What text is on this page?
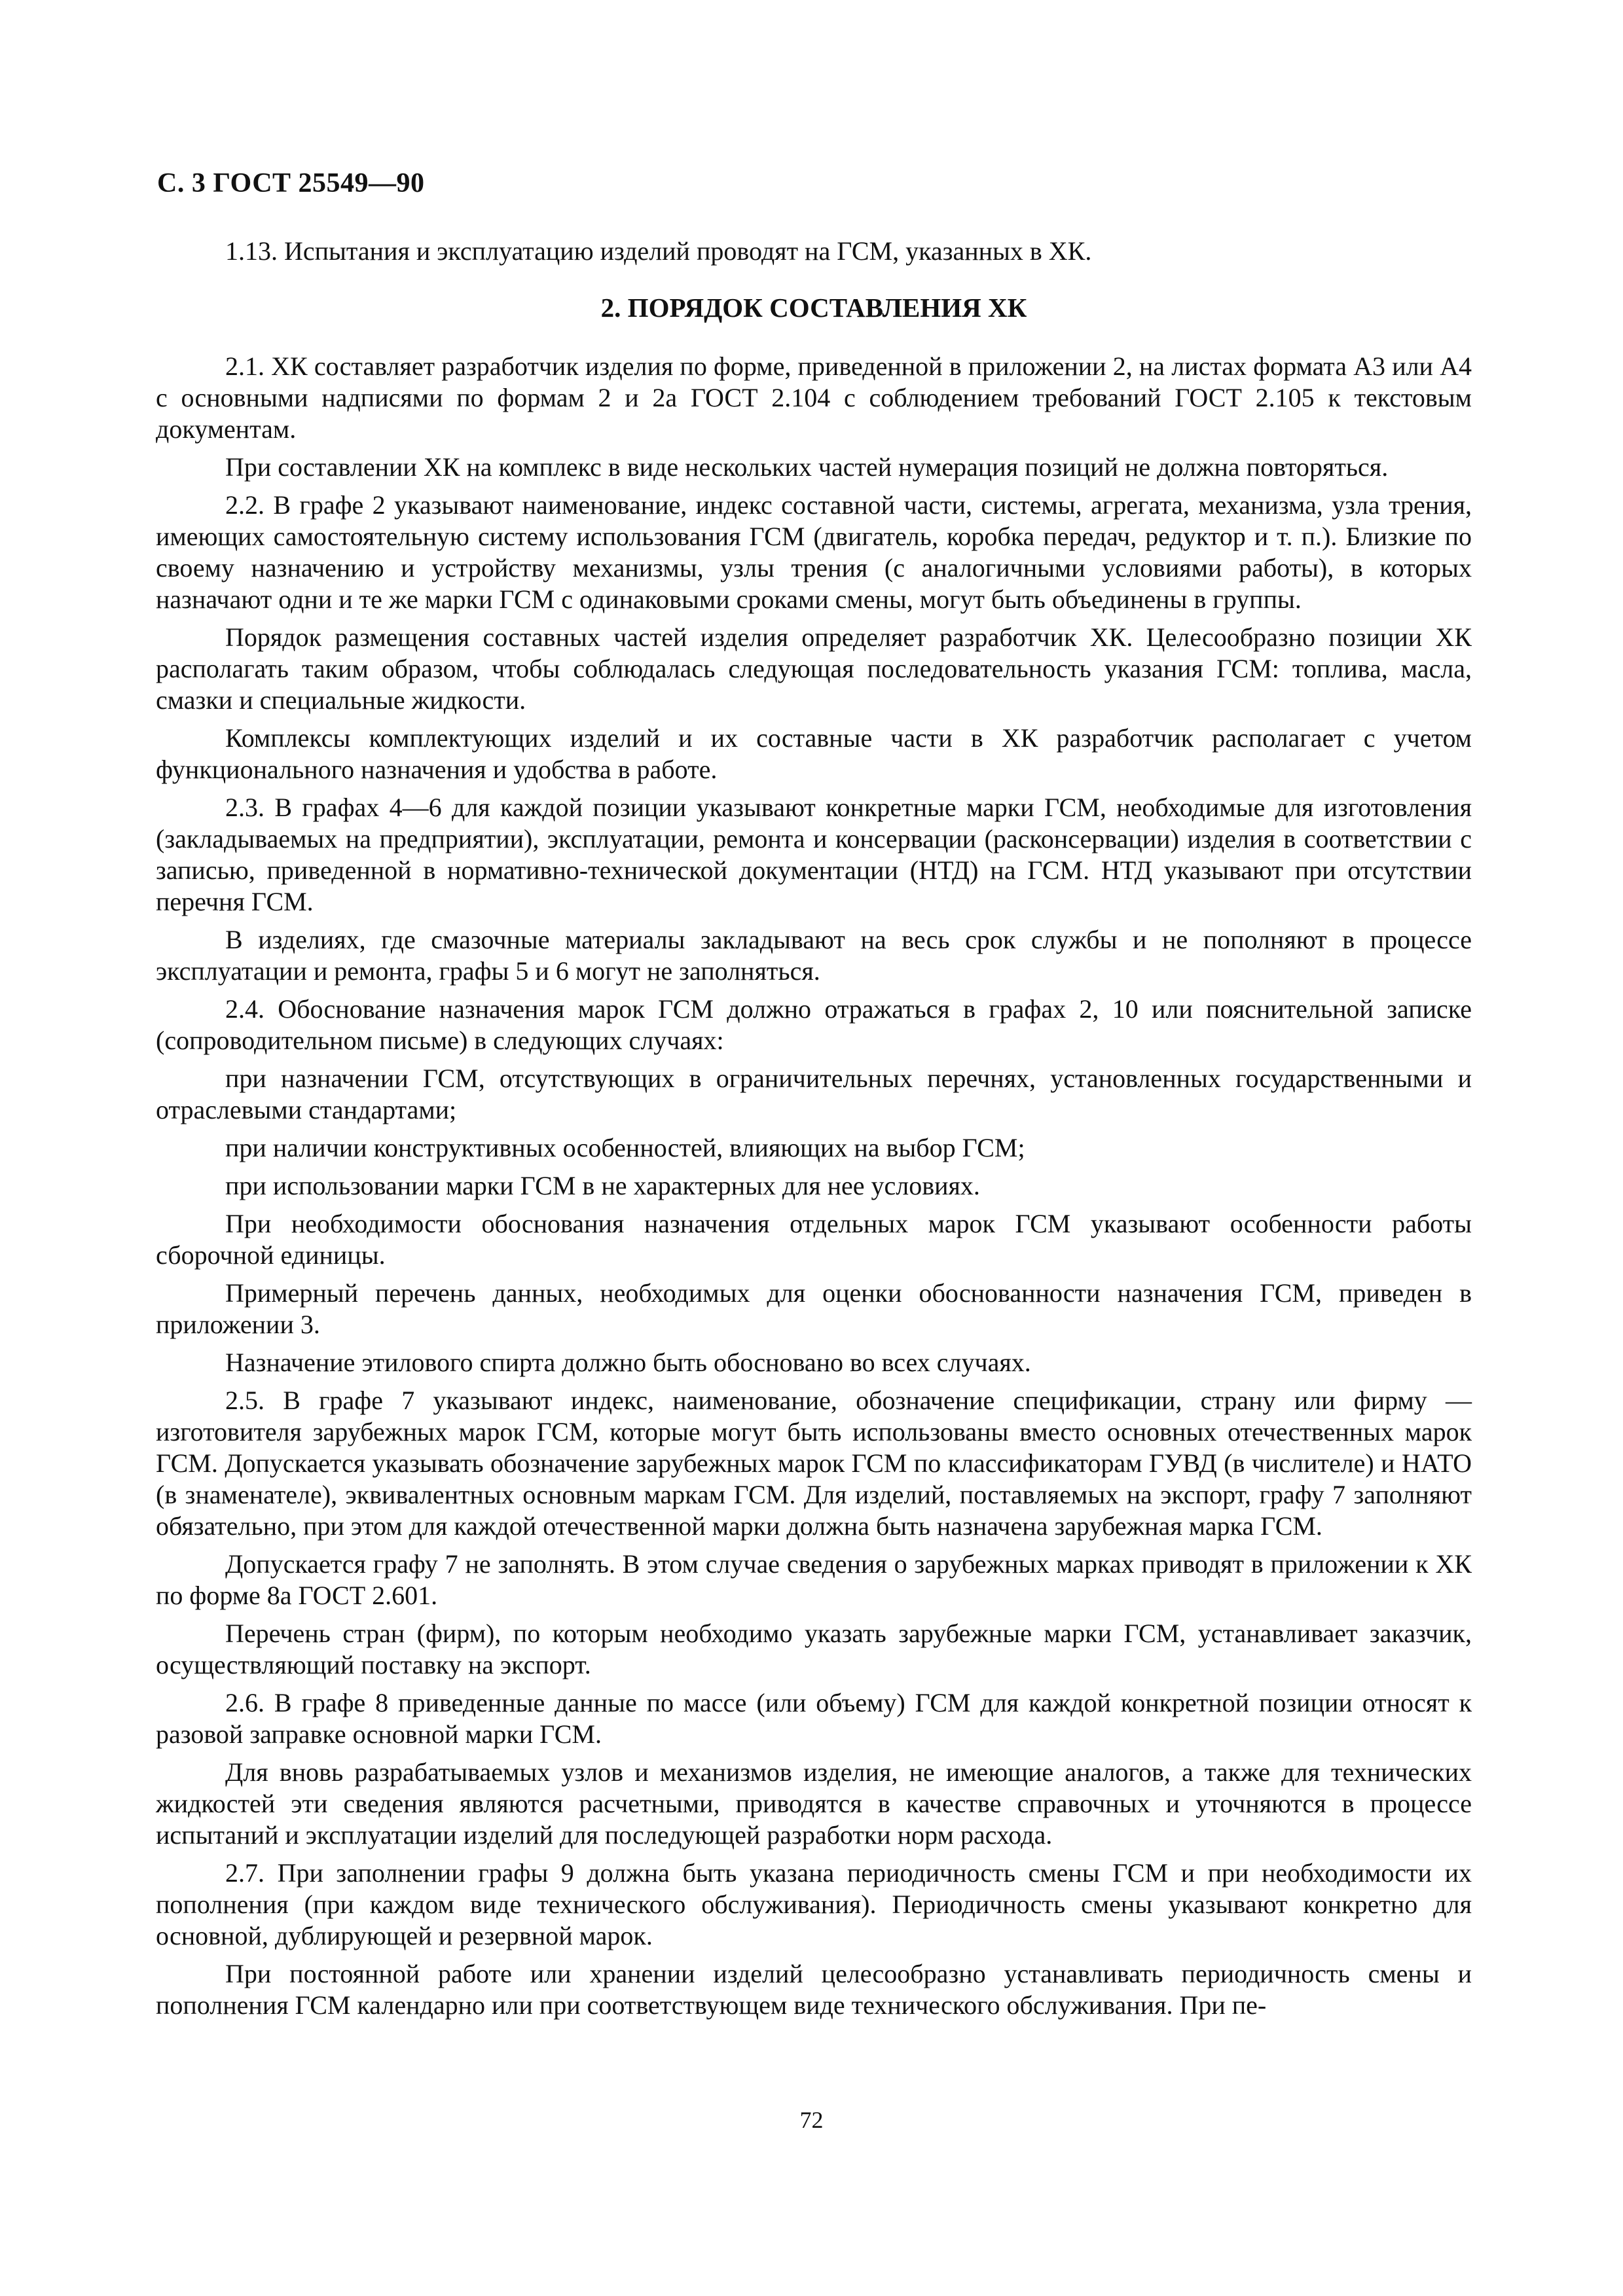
С. 3 ГОСТ 25549—90

1.13. Испытания и эксплуатацию изделий проводят на ГСМ, указанных в ХК.

2. ПОРЯДОК СОСТАВЛЕНИЯ ХК

2.1. ХК составляет разработчик изделия по форме, приведенной в приложении 2, на листах формата А3 или А4 с основными надписями по формам 2 и 2а ГОСТ 2.104 с соблюдением требований ГОСТ 2.105 к текстовым документам.

При составлении ХК на комплекс в виде нескольких частей нумерация позиций не должна повторяться.

2.2. В графе 2 указывают наименование, индекс составной части, системы, агрегата, механизма, узла трения, имеющих самостоятельную систему использования ГСМ (двигатель, коробка передач, редуктор и т. п.). Близкие по своему назначению и устройству механизмы, узлы трения (с аналогичными условиями работы), в которых назначают одни и те же марки ГСМ с одинаковыми сроками смены, могут быть объединены в группы.

Порядок размещения составных частей изделия определяет разработчик ХК. Целесообразно позиции ХК располагать таким образом, чтобы соблюдалась следующая последовательность указания ГСМ: топлива, масла, смазки и специальные жидкости.

Комплексы комплектующих изделий и их составные части в ХК разработчик располагает с учетом функционального назначения и удобства в работе.

2.3. В графах 4—6 для каждой позиции указывают конкретные марки ГСМ, необходимые для изготовления (закладываемых на предприятии), эксплуатации, ремонта и консервации (расконсервации) изделия в соответствии с записью, приведенной в нормативно-технической документации (НТД) на ГСМ. НТД указывают при отсутствии перечня ГСМ.

В изделиях, где смазочные материалы закладывают на весь срок службы и не пополняют в процессе эксплуатации и ремонта, графы 5 и 6 могут не заполняться.

2.4. Обоснование назначения марок ГСМ должно отражаться в графах 2, 10 или пояснительной записке (сопроводительном письме) в следующих случаях:

при назначении ГСМ, отсутствующих в ограничительных перечнях, установленных государственными и отраслевыми стандартами;

при наличии конструктивных особенностей, влияющих на выбор ГСМ;

при использовании марки ГСМ в не характерных для нее условиях.

При необходимости обоснования назначения отдельных марок ГСМ указывают особенности работы сборочной единицы.

Примерный перечень данных, необходимых для оценки обоснованности назначения ГСМ, приведен в приложении 3.

Назначение этилового спирта должно быть обосновано во всех случаях.

2.5. В графе 7 указывают индекс, наименование, обозначение спецификации, страну или фирму — изготовителя зарубежных марок ГСМ, которые могут быть использованы вместо основных отечественных марок ГСМ. Допускается указывать обозначение зарубежных марок ГСМ по классификаторам ГУВД (в числителе) и НАТО (в знаменателе), эквивалентных основным маркам ГСМ. Для изделий, поставляемых на экспорт, графу 7 заполняют обязательно, при этом для каждой отечественной марки должна быть назначена зарубежная марка ГСМ.

Допускается графу 7 не заполнять. В этом случае сведения о зарубежных марках приводят в приложении к ХК по форме 8а ГОСТ 2.601.

Перечень стран (фирм), по которым необходимо указать зарубежные марки ГСМ, устанавливает заказчик, осуществляющий поставку на экспорт.

2.6. В графе 8 приведенные данные по массе (или объему) ГСМ для каждой конкретной позиции относят к разовой заправке основной марки ГСМ.

Для вновь разрабатываемых узлов и механизмов изделия, не имеющие аналогов, а также для технических жидкостей эти сведения являются расчетными, приводятся в качестве справочных и уточняются в процессе испытаний и эксплуатации изделий для последующей разработки норм расхода.

2.7. При заполнении графы 9 должна быть указана периодичность смены ГСМ и при необходимости их пополнения (при каждом виде технического обслуживания). Периодичность смены указывают конкретно для основной, дублирующей и резервной марок.

При постоянной работе или хранении изделий целесообразно устанавливать периодичность смены и пополнения ГСМ календарно или при соответствующем виде технического обслуживания. При пе-

72
